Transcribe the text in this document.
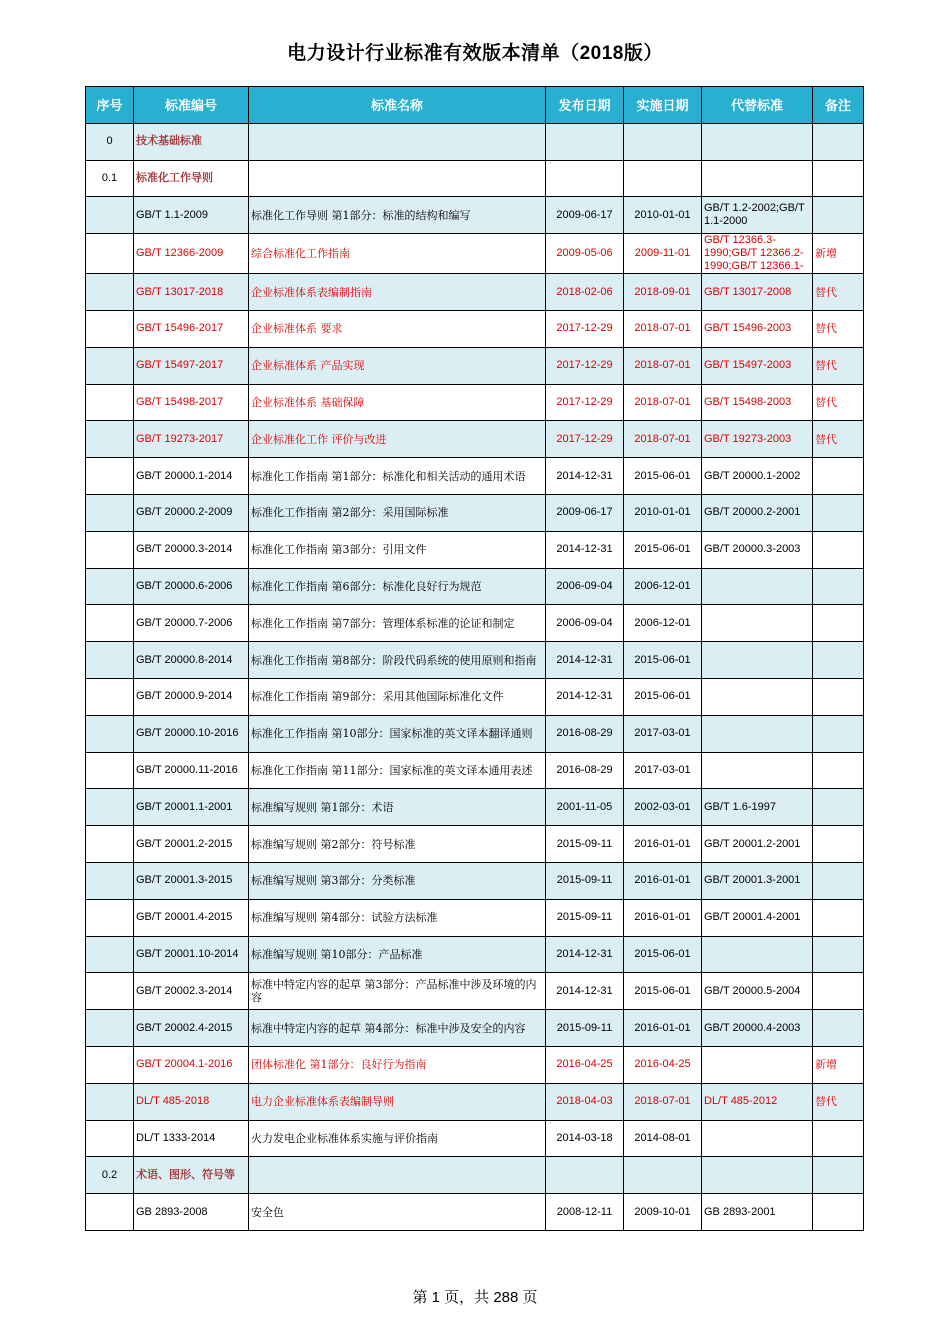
电力设计行业标准有效版本清单（2018版）
序号	标准编号	标准名称	发布日期	实施日期	代替标准	备注
0	技术基础标准					
0.1	标准化工作导则					
	GB/T 1.1-2009	标准化工作导则 第1部分：标准的结构和编写	2009-06-17	2010-01-01	GB/T 1.2-2002;GB/T 1.1-2000	
	GB/T 12366-2009	综合标准化工作指南	2009-05-06	2009-11-01	GB/T 12366.3-1990;GB/T 12366.2-1990;GB/T 12366.1-	新增
	GB/T 13017-2018	企业标准体系表编制指南	2018-02-06	2018-09-01	GB/T 13017-2008	替代
	GB/T 15496-2017	企业标准体系 要求	2017-12-29	2018-07-01	GB/T 15496-2003	替代
	GB/T 15497-2017	企业标准体系 产品实现	2017-12-29	2018-07-01	GB/T 15497-2003	替代
	GB/T 15498-2017	企业标准体系 基础保障	2017-12-29	2018-07-01	GB/T 15498-2003	替代
	GB/T 19273-2017	企业标准化工作 评价与改进	2017-12-29	2018-07-01	GB/T 19273-2003	替代
	GB/T 20000.1-2014	标准化工作指南 第1部分：标准化和相关活动的通用术语	2014-12-31	2015-06-01	GB/T 20000.1-2002	
	GB/T 20000.2-2009	标准化工作指南 第2部分：采用国际标准	2009-06-17	2010-01-01	GB/T 20000.2-2001	
	GB/T 20000.3-2014	标准化工作指南 第3部分：引用文件	2014-12-31	2015-06-01	GB/T 20000.3-2003	
	GB/T 20000.6-2006	标准化工作指南 第6部分：标准化良好行为规范	2006-09-04	2006-12-01		
	GB/T 20000.7-2006	标准化工作指南 第7部分：管理体系标准的论证和制定	2006-09-04	2006-12-01		
	GB/T 20000.8-2014	标准化工作指南 第8部分：阶段代码系统的使用原则和指南	2014-12-31	2015-06-01		
	GB/T 20000.9-2014	标准化工作指南 第9部分：采用其他国际标准化文件	2014-12-31	2015-06-01		
	GB/T 20000.10-2016	标准化工作指南 第10部分：国家标准的英文译本翻译通则	2016-08-29	2017-03-01		
	GB/T 20000.11-2016	标准化工作指南 第11部分：国家标准的英文译本通用表述	2016-08-29	2017-03-01		
	GB/T 20001.1-2001	标准编写规则 第1部分：术语	2001-11-05	2002-03-01	GB/T 1.6-1997	
	GB/T 20001.2-2015	标准编写规则 第2部分：符号标准	2015-09-11	2016-01-01	GB/T 20001.2-2001	
	GB/T 20001.3-2015	标准编写规则 第3部分：分类标准	2015-09-11	2016-01-01	GB/T 20001.3-2001	
	GB/T 20001.4-2015	标准编写规则 第4部分：试验方法标准	2015-09-11	2016-01-01	GB/T 20001.4-2001	
	GB/T 20001.10-2014	标准编写规则 第10部分：产品标准	2014-12-31	2015-06-01		
	GB/T 20002.3-2014	标准中特定内容的起草 第3部分：产品标准中涉及环境的内容	2014-12-31	2015-06-01	GB/T 20000.5-2004	
	GB/T 20002.4-2015	标准中特定内容的起草 第4部分：标准中涉及安全的内容	2015-09-11	2016-01-01	GB/T 20000.4-2003	
	GB/T 20004.1-2016	团体标准化 第1部分：良好行为指南	2016-04-25	2016-04-25		新增
	DL/T 485-2018	电力企业标准体系表编制导则	2018-04-03	2018-07-01	DL/T 485-2012	替代
	DL/T 1333-2014	火力发电企业标准体系实施与评价指南	2014-03-18	2014-08-01		
0.2	术语、图形、符号等					
	GB 2893-2008	安全色	2008-12-11	2009-10-01	GB 2893-2001	
第 1 页，共 288 页
